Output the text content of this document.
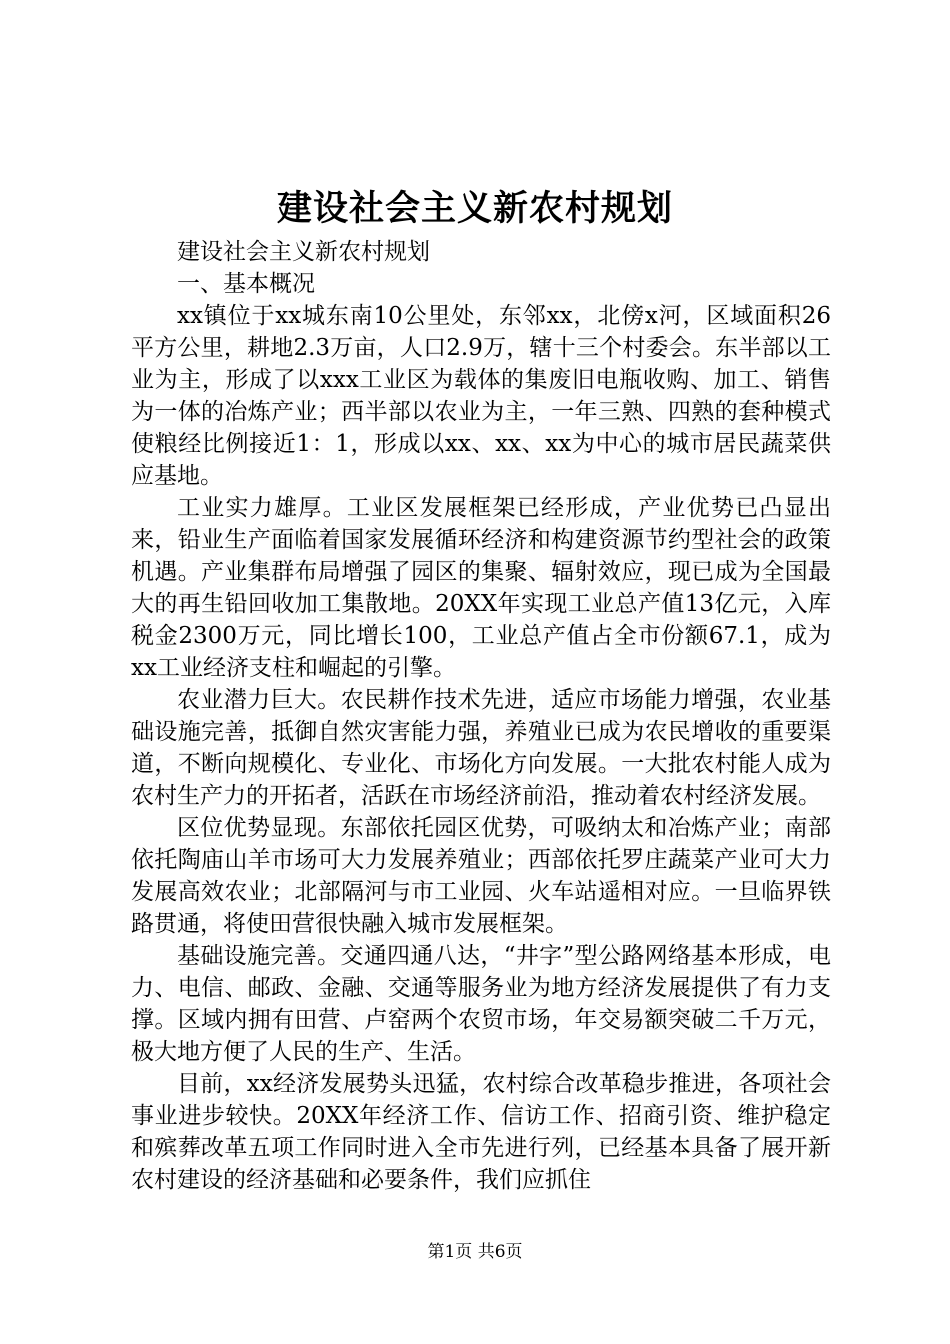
建设社会主义新农村规划

建设社会主义新农村规划

一、基本概况

xx镇位于xx城东南10公里处，东邻xx，北傍x河，区域面积26平方公里，耕地2.3万亩，人口2.9万，辖十三个村委会。东半部以工业为主，形成了以xxx工业区为载体的集废旧电瓶收购、加工、销售为一体的冶炼产业；西半部以农业为主，一年三熟、四熟的套种模式使粮经比例接近1：1，形成以xx、xx、xx为中心的城市居民蔬菜供应基地。

工业实力雄厚。工业区发展框架已经形成，产业优势已凸显出来，铅业生产面临着国家发展循环经济和构建资源节约型社会的政策机遇。产业集群布局增强了园区的集聚、辐射效应，现已成为全国最大的再生铅回收加工集散地。20XX年实现工业总产值13亿元，入库税金2300万元，同比增长100，工业总产值占全市份额67.1，成为xx工业经济支柱和崛起的引擎。

农业潜力巨大。农民耕作技术先进，适应市场能力增强，农业基础设施完善，抵御自然灾害能力强，养殖业已成为农民增收的重要渠道，不断向规模化、专业化、市场化方向发展。一大批农村能人成为农村生产力的开拓者，活跃在市场经济前沿，推动着农村经济发展。

区位优势显现。东部依托园区优势，可吸纳太和冶炼产业；南部依托陶庙山羊市场可大力发展养殖业；西部依托罗庄蔬菜产业可大力发展高效农业；北部隔河与市工业园、火车站遥相对应。一旦临界铁路贯通，将使田营很快融入城市发展框架。

基础设施完善。交通四通八达，“井字”型公路网络基本形成，电力、电信、邮政、金融、交通等服务业为地方经济发展提供了有力支撑。区域内拥有田营、卢窑两个农贸市场，年交易额突破二千万元，极大地方便了人民的生产、生活。

目前，xx经济发展势头迅猛，农村综合改革稳步推进，各项社会事业进步较快。20XX年经济工作、信访工作、招商引资、维护稳定和殡葬改革五项工作同时进入全市先进行列，已经基本具备了展开新农村建设的经济基础和必要条件，我们应抓住

第1页 共6页
